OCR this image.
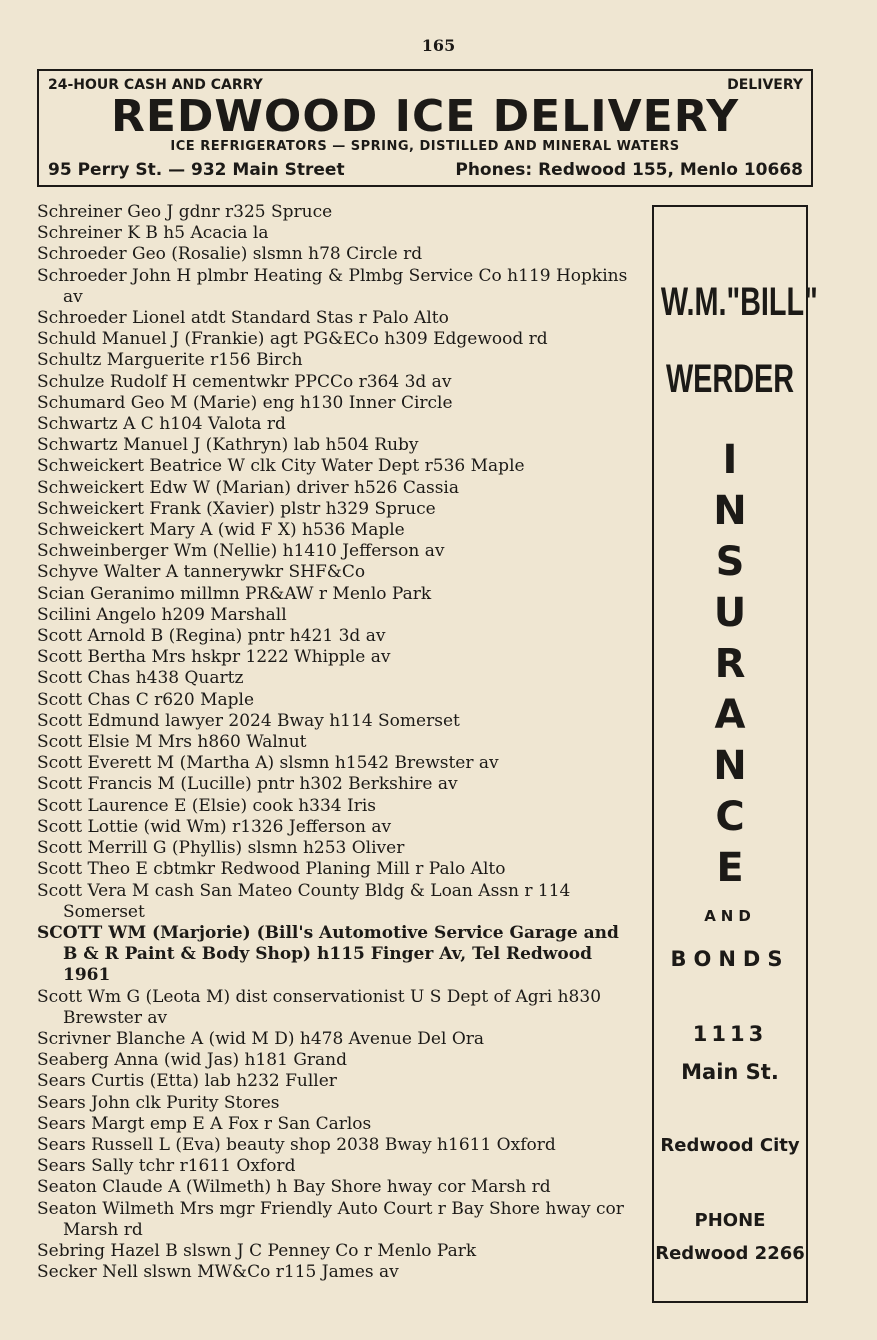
165
24-HOUR CASH AND CARRY	DELIVERY
REDWOOD ICE DELIVERY
ICE REFRIGERATORS — SPRING, DISTILLED AND MINERAL WATERS
95 Perry St. — 932 Main Street	Phones: Redwood 155, Menlo 10668
Schreiner Geo J gdnr r325 Spruce
Schreiner K B h5 Acacia la
Schroeder Geo (Rosalie) slsmn h78 Circle rd
Schroeder John H plmbr Heating & Plmbg Service Co h119 Hopkins av
Schroeder Lionel atdt Standard Stas r Palo Alto
Schuld Manuel J (Frankie) agt PG&ECo h309 Edgewood rd
Schultz Marguerite r156 Birch
Schulze Rudolf H cementwkr PPCCo r364 3d av
Schumard Geo M (Marie) eng h130 Inner Circle
Schwartz A C h104 Valota rd
Schwartz Manuel J (Kathryn) lab h504 Ruby
Schweickert Beatrice W clk City Water Dept r536 Maple
Schweickert Edw W (Marian) driver h526 Cassia
Schweickert Frank (Xavier) plstr h329 Spruce
Schweickert Mary A (wid F X) h536 Maple
Schweinberger Wm (Nellie) h1410 Jefferson av
Schyve Walter A tannerywkr SHF&Co
Scian Geranimo millmn PR&AW r Menlo Park
Scilini Angelo h209 Marshall
Scott Arnold B (Regina) pntr h421 3d av
Scott Bertha Mrs hskpr 1222 Whipple av
Scott Chas h438 Quartz
Scott Chas C r620 Maple
Scott Edmund lawyer 2024 Bway h114 Somerset
Scott Elsie M Mrs h860 Walnut
Scott Everett M (Martha A) slsmn h1542 Brewster av
Scott Francis M (Lucille) pntr h302 Berkshire av
Scott Laurence E (Elsie) cook h334 Iris
Scott Lottie (wid Wm) r1326 Jefferson av
Scott Merrill G (Phyllis) slsmn h253 Oliver
Scott Theo E cbtmkr Redwood Planing Mill r Palo Alto
Scott Vera M cash San Mateo County Bldg & Loan Assn r 114 Somerset
SCOTT WM (Marjorie) (Bill's Automotive Service Garage and B & R Paint & Body Shop) h115 Finger Av, Tel Redwood 1961
Scott Wm G (Leota M) dist conservationist U S Dept of Agri h830 Brewster av
Scrivner Blanche A (wid M D) h478 Avenue Del Ora
Seaberg Anna (wid Jas) h181 Grand
Sears Curtis (Etta) lab h232 Fuller
Sears John clk Purity Stores
Sears Margt emp E A Fox r San Carlos
Sears Russell L (Eva) beauty shop 2038 Bway h1611 Oxford
Sears Sally tchr r1611 Oxford
Seaton Claude A (Wilmeth) h Bay Shore hway cor Marsh rd
Seaton Wilmeth Mrs mgr Friendly Auto Court r Bay Shore hway cor Marsh rd
Sebring Hazel B slswn J C Penney Co r Menlo Park
Secker Nell slswn MW&Co r115 James av
W.M."BILL"
WERDER
I
N
S
U
R
A
N
C
E
AND
BONDS
1113
Main St.
Redwood City
PHONE
Redwood 2266
